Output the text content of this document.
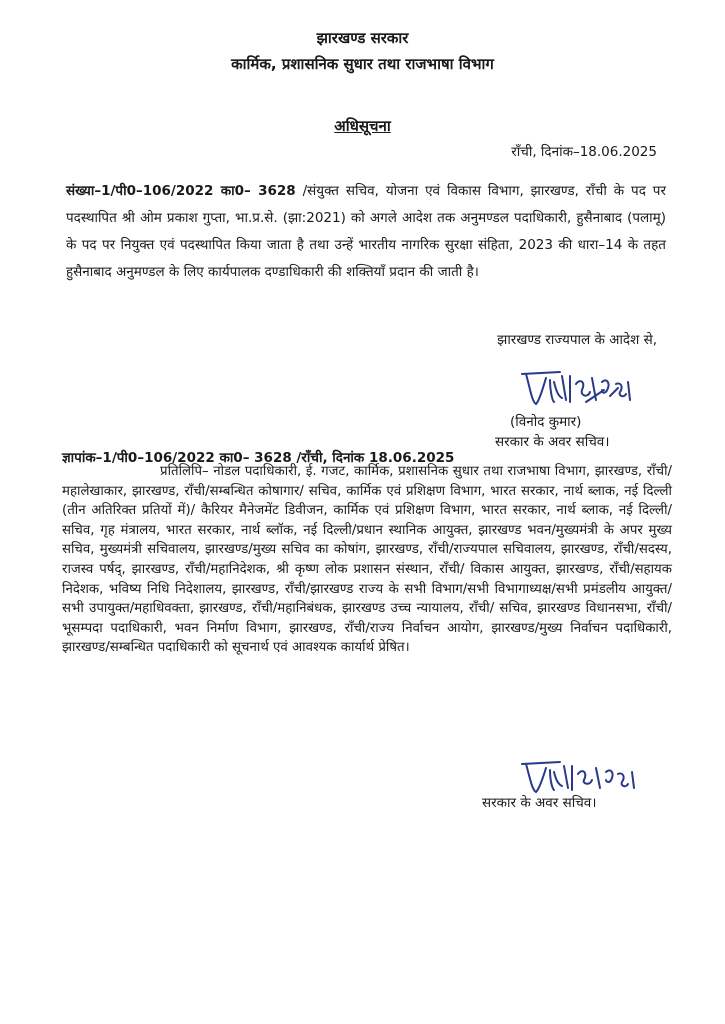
झारखण्ड सरकार
कार्मिक, प्रशासनिक सुधार तथा राजभाषा विभाग
अधिसूचना
राँची, दिनांक–18.06.2025
संख्या–1/पी0–106/2022 का0– 3628 /संयुक्त सचिव, योजना एवं विकास विभाग, झारखण्ड, राँची के पद पर पदस्थापित श्री ओम प्रकाश गुप्ता, भा.प्र.से. (झा:2021) को अगले आदेश तक अनुमण्डल पदाधिकारी, हुसैनाबाद (पलामू) के पद पर नियुक्त एवं पदस्थापित किया जाता है तथा उन्हें भारतीय नागरिक सुरक्षा संहिता, 2023 की धारा–14 के तहत हुसैनाबाद अनुमण्डल के लिए कार्यपालक दण्डाधिकारी की शक्तियाँ प्रदान की जाती है।
झारखण्ड राज्यपाल के आदेश से,
(विनोद कुमार)
सरकार के अवर सचिव।
ज्ञापांक–1/पी0–106/2022 का0– 3628 /राँची, दिनांक 18.06.2025
प्रतिलिपि– नोडल पदाधिकारी, ई. गजट, कार्मिक, प्रशासनिक सुधार तथा राजभाषा विभाग, झारखण्ड, राँची/महालेखाकार, झारखण्ड, राँची/सम्बन्धित कोषागार/ सचिव, कार्मिक एवं प्रशिक्षण विभाग, भारत सरकार, नार्थ ब्लाक, नई दिल्ली (तीन अतिरिक्त प्रतियों में)/ कैरियर मैनेजमेंट डिवीजन, कार्मिक एवं प्रशिक्षण विभाग, भारत सरकार, नार्थ ब्लाक, नई दिल्ली/सचिव, गृह मंत्रालय, भारत सरकार, नार्थ ब्लॉक, नई दिल्ली/प्रधान स्थानिक आयुक्त, झारखण्ड भवन/मुख्यमंत्री के अपर मुख्य सचिव, मुख्यमंत्री सचिवालय, झारखण्ड/मुख्य सचिव का कोषांग, झारखण्ड, राँची/राज्यपाल सचिवालय, झारखण्ड, राँची/सदस्य, राजस्व पर्षद्, झारखण्ड, राँची/महानिदेशक, श्री कृष्ण लोक प्रशासन संस्थान, राँची/ विकास आयुक्त, झारखण्ड, राँची/सहायक निदेशक, भविष्य निधि निदेशालय, झारखण्ड, राँची/झारखण्ड राज्य के सभी विभाग/सभी विभागाध्यक्ष/सभी प्रमंडलीय आयुक्त/सभी उपायुक्त/महाधिवक्ता, झारखण्ड, राँची/महानिबंधक, झारखण्ड उच्च न्यायालय, राँची/ सचिव, झारखण्ड विधानसभा, राँची/ भूसम्पदा पदाधिकारी, भवन निर्माण विभाग, झारखण्ड, राँची/राज्य निर्वाचन आयोग, झारखण्ड/मुख्य निर्वाचन पदाधिकारी, झारखण्ड/सम्बन्धित पदाधिकारी को सूचनार्थ एवं आवश्यक कार्यार्थ प्रेषित।
सरकार के अवर सचिव।
